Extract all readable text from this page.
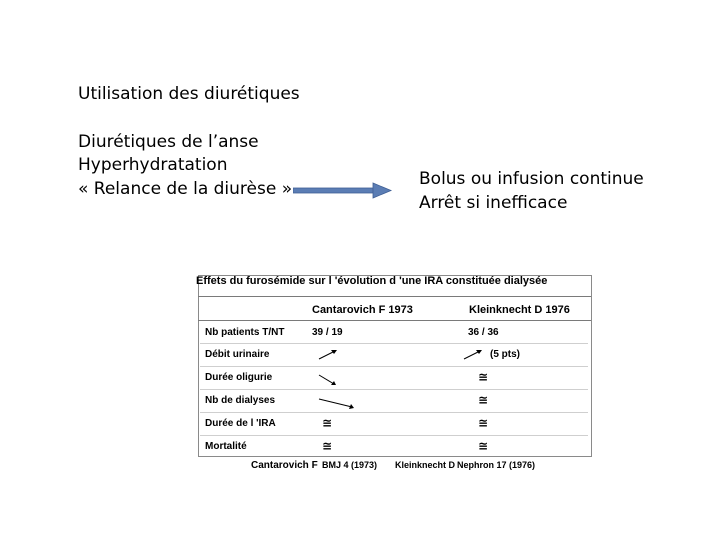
Utilisation des diurétiques
Diurétiques de l’anse
Hyperhydratation
« Relance de la diurèse »	Bolus ou infusion continue
Arrêt si inefficace
Effets du furosémide sur l 'évolution d 'une IRA constituée dialysée
Cantarovich F 1973	Kleinknecht D 1976
Nb patients T/NT
Débit urinaire
Durée oligurie
Nb de dialyses
Durée de l 'IRA
Mortalité
39 / 19
≅
≅
36 / 36
(5 pts)
≅
≅
≅
≅
Cantarovich F BMJ 4 (1973) Kleinknecht D Nephron 17 (1976)
